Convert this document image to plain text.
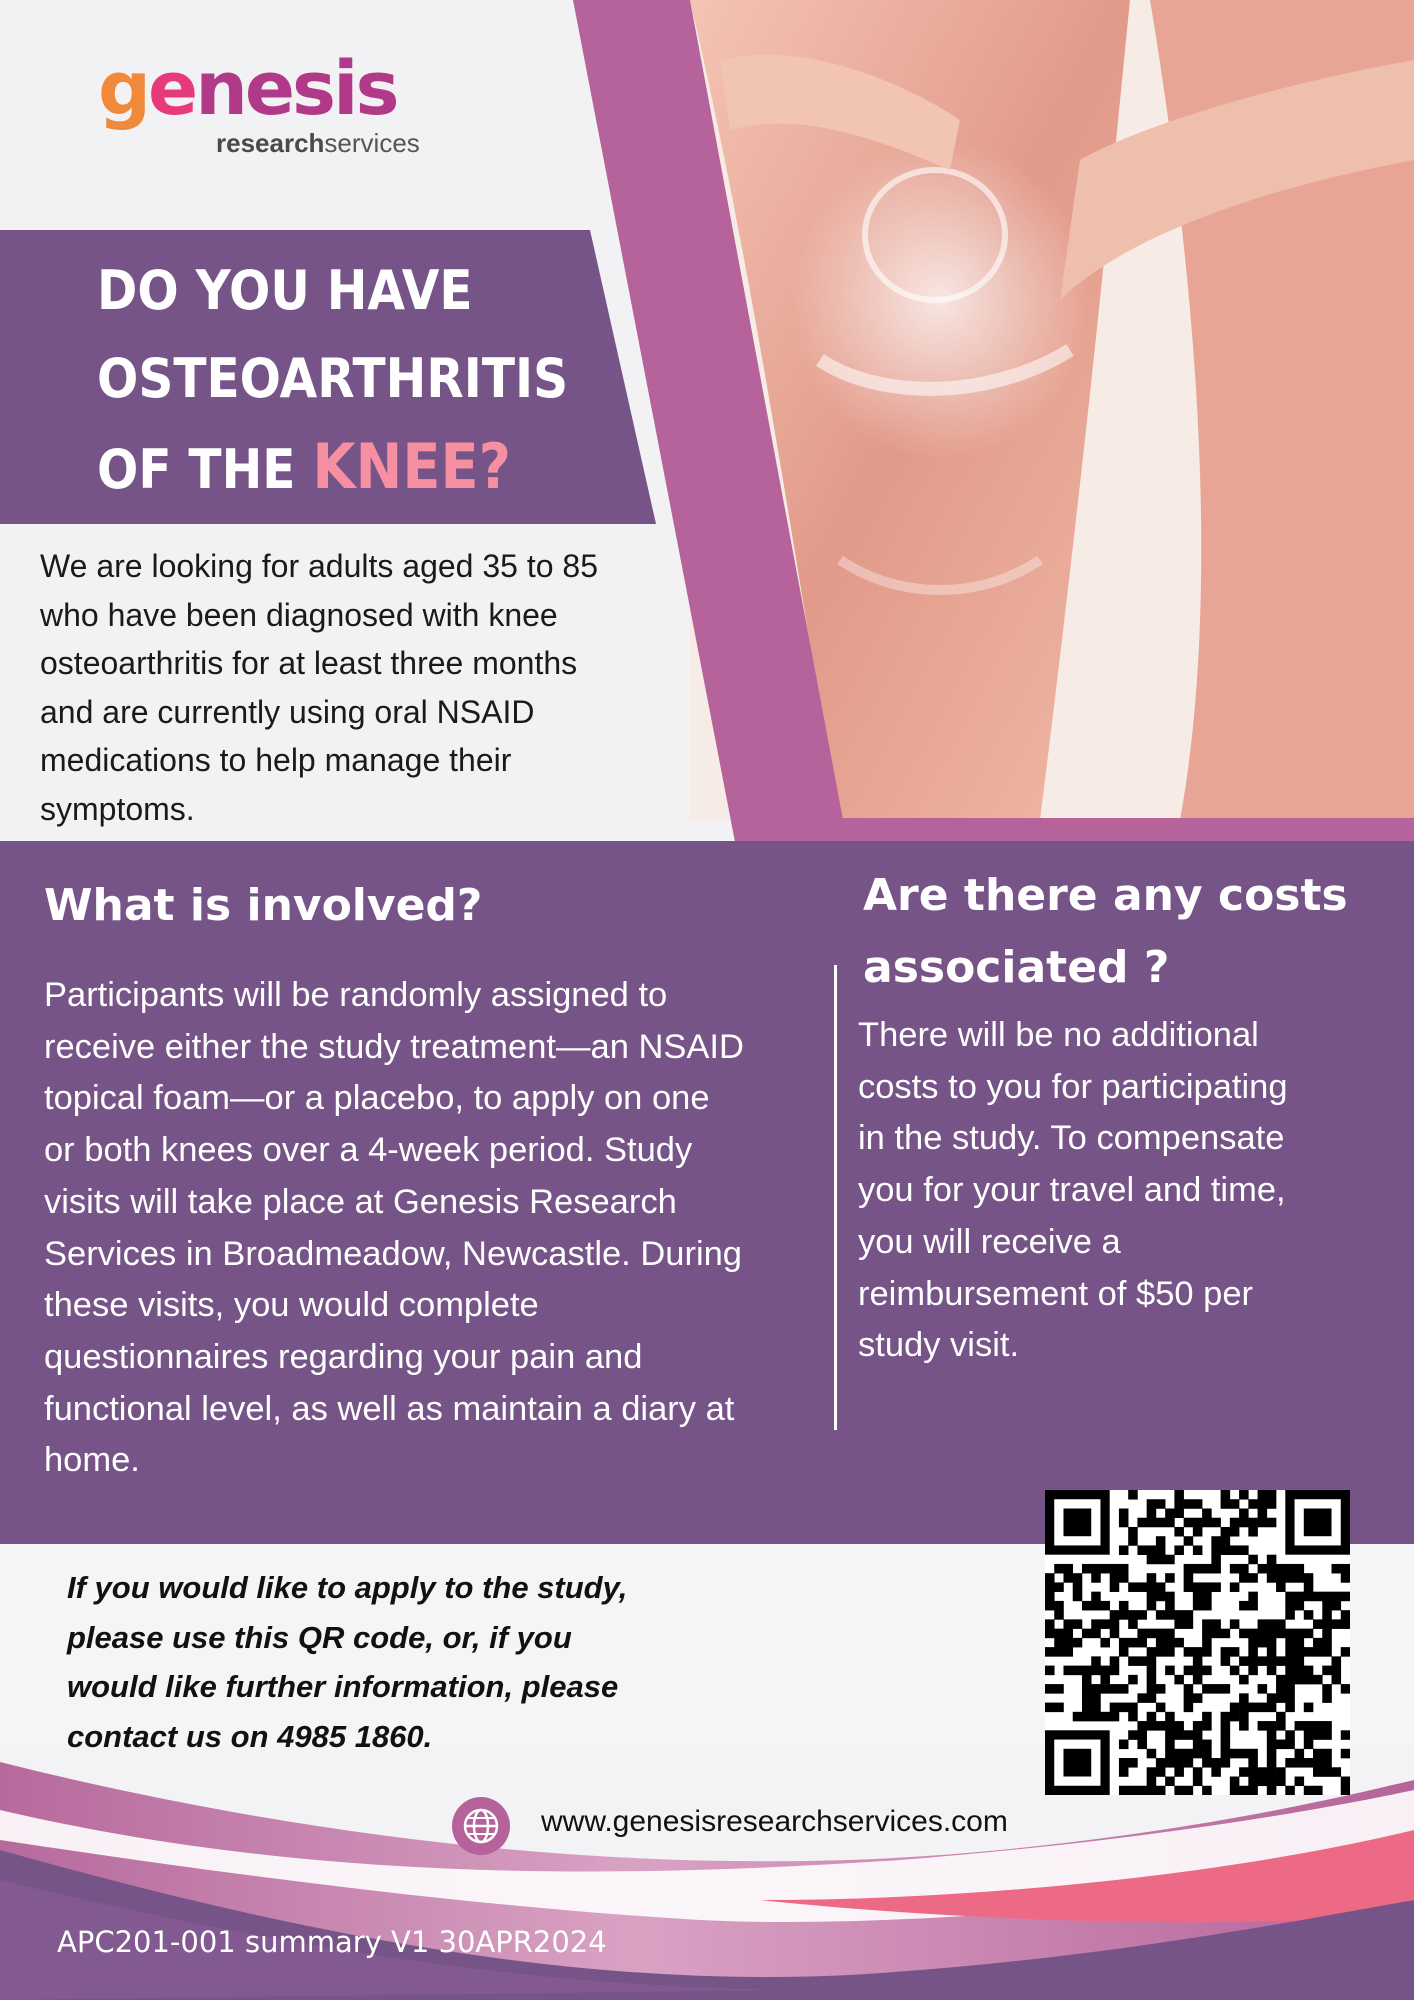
genesis
researchservices
DO YOU HAVE
OSTEOARTHRITIS
OF THE KNEE?
We are looking for adults aged 35 to 85
who have been diagnosed with knee
osteoarthritis for at least three months
and are currently using oral NSAID
medications to help manage their
symptoms.
What is involved?
Participants will be randomly assigned to
receive either the study treatment—an NSAID
topical foam—or a placebo, to apply on one
or both knees over a 4-week period. Study
visits will take place at Genesis Research
Services in Broadmeadow, Newcastle. During
these visits, you would complete
questionnaires regarding your pain and
functional level, as well as maintain a diary at
home.
Are there any costs
associated ?
There will be no additional
costs to you for participating
in the study. To compensate
you for your travel and time,
you will receive a
reimbursement of $50 per
study visit.
If you would like to apply to the study,
please use this QR code, or, if you
would like further information, please
contact us on 4985 1860.
www.genesisresearchservices.com
APC201-001 summary V1 30APR2024
